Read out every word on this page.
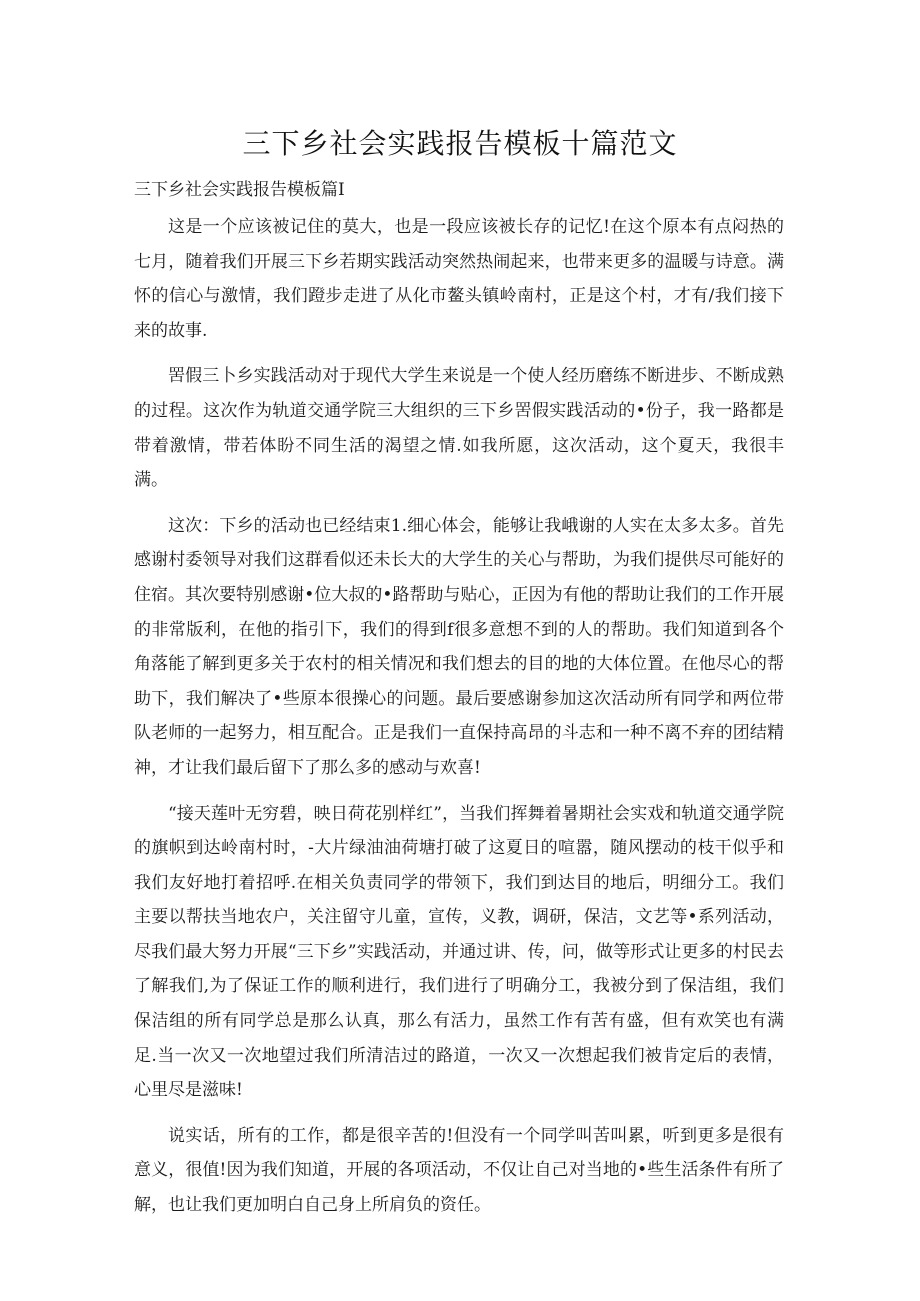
三下乡社会实践报告模板十篇范文

三下乡社会实践报告模板篇I

这是一个应该被记住的莫大，也是一段应该被长存的记忆!在这个原本有点闷热的七月，随着我们开展三下乡若期实践活动突然热闹起来，也带来更多的温暖与诗意。满怀的信心与激情，我们蹬步走进了从化市鳌头镇岭南村，正是这个村，才有/我们接下来的故事.

罟假三卜乡实践活动对于现代大学生来说是一个使人经历磨练不断进步、不断成熟的过程。这次作为轨道交通学院三大组织的三下乡罟假实践活动的•份子，我一路都是带着激情，带若体盼不同生活的渴望之情.如我所愿，这次活动，这个夏天，我很丰满。

这次：下乡的活动也已经结束1.细心体会，能够让我峨谢的人实在太多太多。首先感谢村委领导对我们这群看似还未长大的大学生的关心与帮助，为我们提供尽可能好的住宿。其次要特别感谢•位大叔的•路帮助与贴心，正因为有他的帮助让我们的工作开展的非常版利，在他的指引下，我们的得到f很多意想不到的人的帮助。我们知道到各个角落能了解到更多关于农村的相关情况和我们想去的目的地的大体位置。在他尽心的帮助下，我们解决了•些原本很操心的问题。最后要感谢参加这次活动所有同学和两位带队老师的一起努力，相互配合。正是我们一直保持高昂的斗志和一种不离不弃的团结精神，才让我们最后留下了那么多的感动与欢喜!

“接天莲叶无穷碧，映日荷花别样红”，当我们挥舞着暑期社会实戏和轨道交通学院的旗帜到达岭南村时，-大片绿油油荷塘打破了这夏日的喧嚣，随风摆动的枝干似乎和我们友好地打着招呼.在相关负责同学的带领下，我们到达目的地后，明细分工。我们主要以帮扶当地农户，关注留守儿童，宣传，义教，调研，保洁，文艺等•系列活动，尽我们最大努力开展“三下乡”实践活动，并通过讲、传，问，做等形式让更多的村民去了解我们,为了保证工作的顺利进行，我们进行了明确分工，我被分到了保洁组，我们保洁组的所有同学总是那么认真，那么有活力，虽然工作有苦有盛，但有欢笑也有满足.当一次又一次地望过我们所清洁过的路道，一次又一次想起我们被肯定后的表情，心里尽是滋味!

说实话，所有的工作，都是很辛苦的!但没有一个同学叫苦叫累，听到更多是很有意义，很值!因为我们知道，开展的各项活动，不仅让自己对当地的•些生活条件有所了解，也让我们更加明白自己身上所肩负的资任。
